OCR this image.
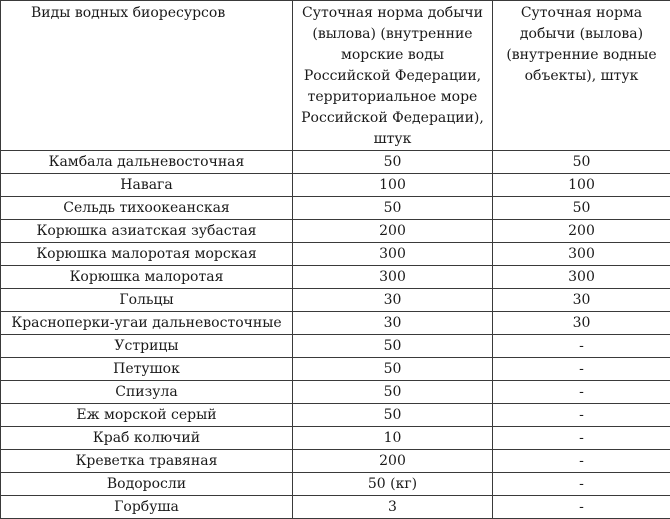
Виды водных биоресурсов	Суточная норма добычи (вылова) (внутренние морские воды Российской Федерации, территориальное море Российской Федерации), штук	Суточная норма добычи (вылова) (внутренние водные объекты), штук
Камбала дальневосточная	50	50
Навага	100	100
Сельдь тихоокеанская	50	50
Корюшка азиатская зубастая	200	200
Корюшка малоротая морская	300	300
Корюшка малоротая	300	300
Гольцы	30	30
Красноперки-угаи дальневосточные	30	30
Устрицы	50	-
Петушок	50	-
Спизула	50	-
Еж морской серый	50	-
Краб колючий	10	-
Креветка травяная	200	-
Водоросли	50 (кг)	-
Горбуша	3	-
